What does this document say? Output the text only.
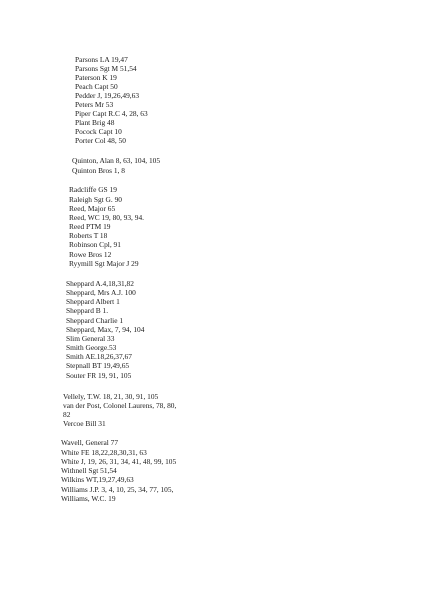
Parsons LA 19,47
Parsons Sgt M 51,54
Paterson K 19
Peach Capt 50
Pedder J, 19,26,49,63
Peters Mr 53
Piper Capt R.C 4, 28, 63
Plant Brig 48
Pocock Capt 10
Porter Col 48, 50
Quinton, Alan 8, 63, 104, 105
Quinton Bros 1, 8
Radcliffe GS 19
Raleigh Sgt G. 90
Reed, Major 65
Reed, WC 19, 80, 93, 94.
Reed PTM 19
Roberts T 18
Robinson Cpl, 91
Rowe Bros 12
Ryymill Sgt Major J 29
Sheppard A.4,18,31,82
Sheppard, Mrs A.J. 100
Sheppard Albert 1
Sheppard B 1.
Sheppard Charlie 1
Sheppard, Max, 7, 94, 104
Slim General 33
Smith George.53
Smith AE.18,26,37,67
Stepnall BT 19,49,65
Souter FR 19, 91, 105
Vellely, T.W. 18, 21, 30, 91, 105
van der Post, Colonel Laurens, 78, 80,
82
Vercoe Bill 31
Wavell, General 77
White FE 18,22,28,30,31, 63
White J, 19, 26, 31, 34, 41, 48, 99, 105
Withnell Sgt 51,54
Wilkins WT,19,27,49,63
Williams J.P. 3, 4, 10, 25, 34, 77, 105,
Williams, W.C. 19
